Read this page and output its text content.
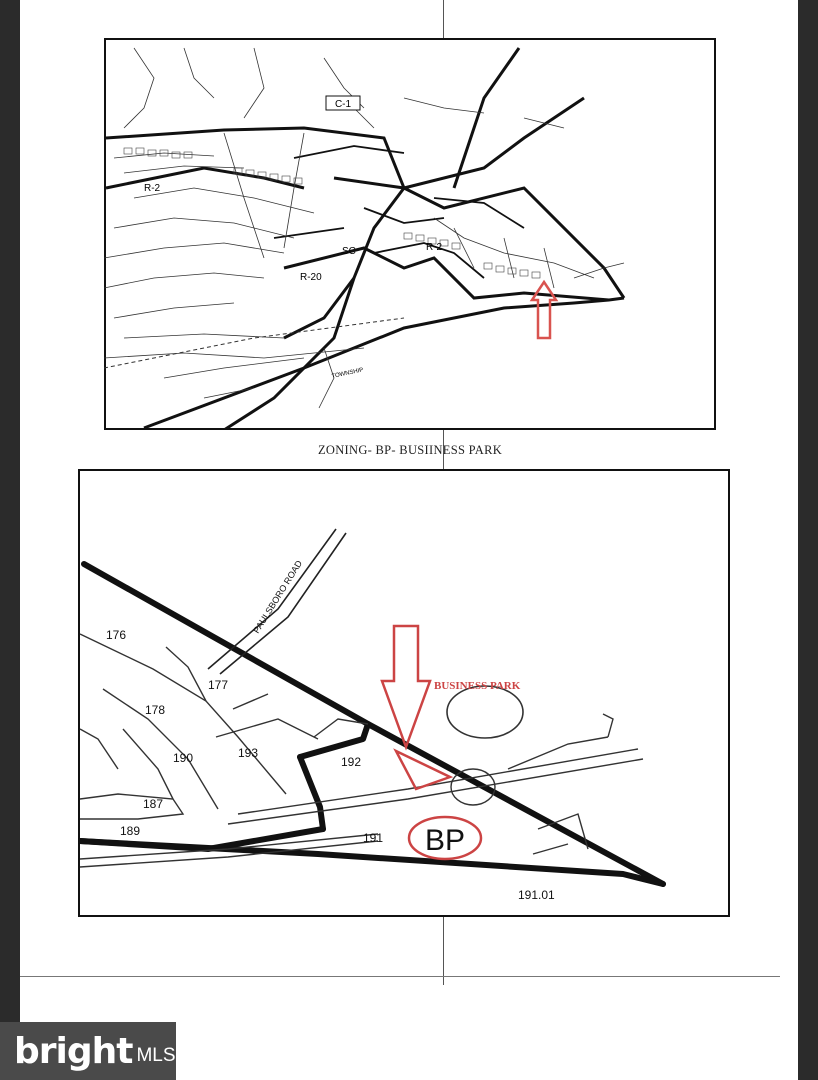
C-1
R-2
SC
R-20
R-2
TOWNSHIP
ZONING- BP- BUSIINESS PARK
176
177
178
190	193
192
187
189	191
191.01
PAULSBORO ROAD
BUSINESS PARK
BP
bright MLS
